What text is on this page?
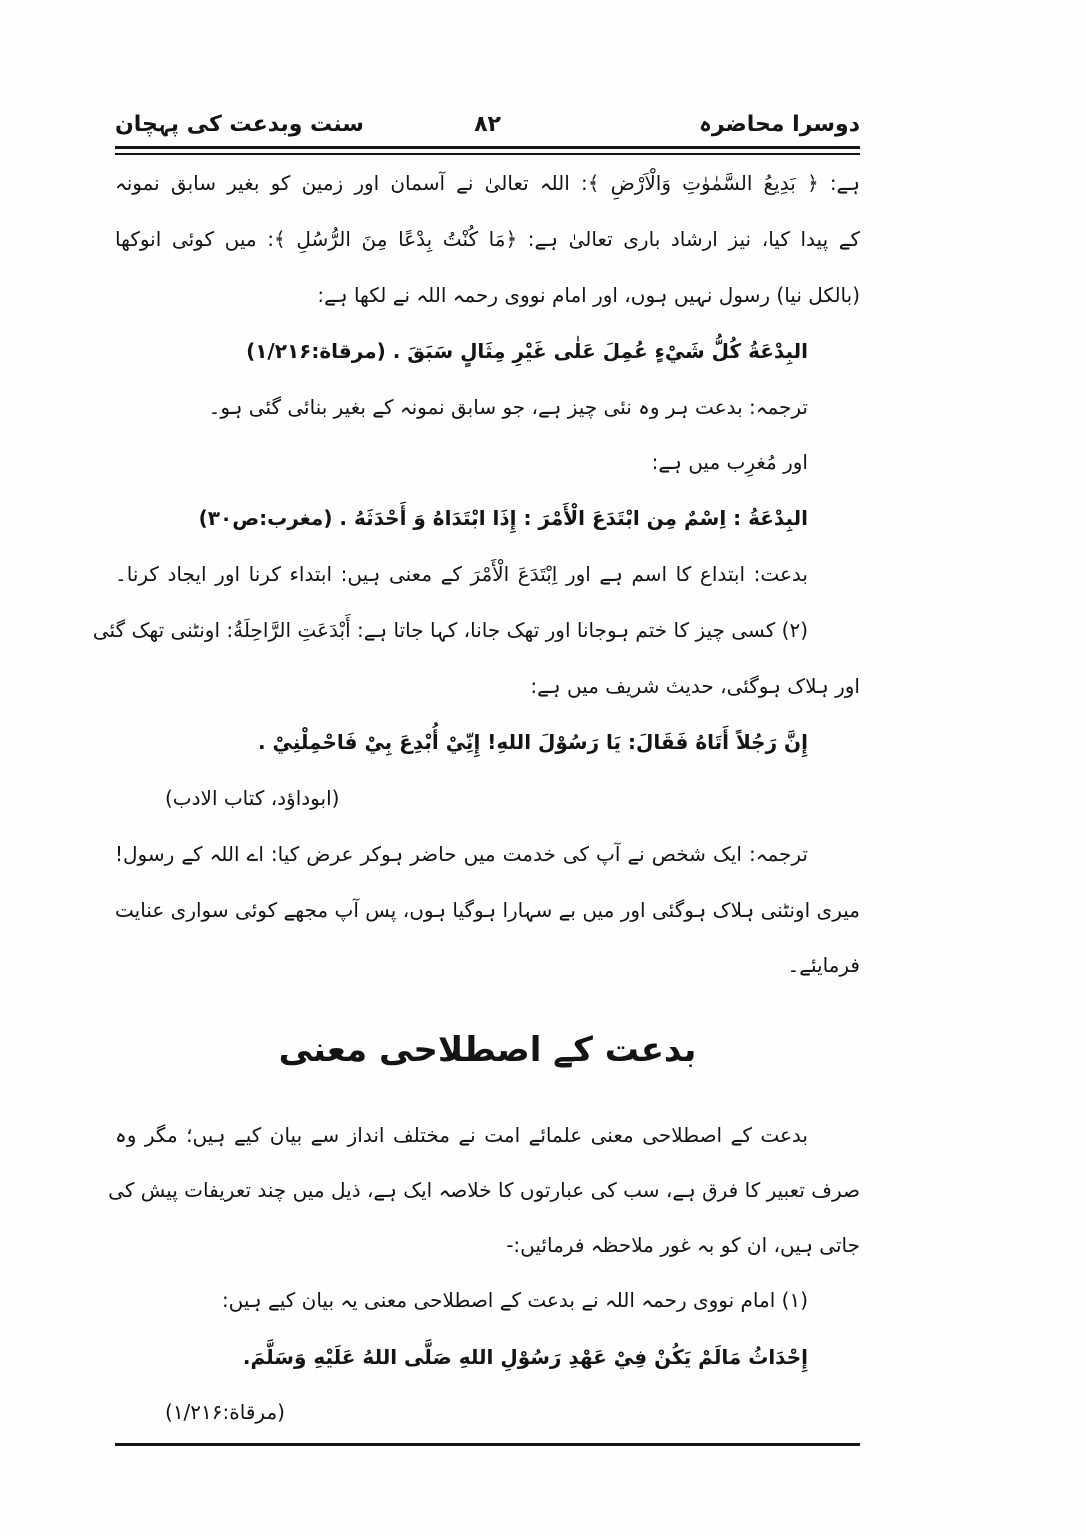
دوسرا محاضرہ
۸۲
سنت وبدعت کی پہچان
ہے: ﴿ بَدِيعُ السَّمٰوٰتِ وَالْاَرْضِ ﴾: اللہ تعالیٰ نے آسمان اور زمین کو بغیر سابق نمونہ
کے پیدا کیا، نیز ارشاد باری تعالیٰ ہے: ﴿مَا كُنْتُ بِدْعًا مِنَ الرُّسُلِ ﴾: میں کوئی انوکھا
(بالکل نیا) رسول نہیں ہوں، اور امام نووی رحمہ اللہ نے لکھا ہے:
البِدْعَةُ كُلُّ شَيْءٍ عُمِلَ عَلٰى غَيْرِ مِثَالٍ سَبَقَ . (مرقاة:۱/۲۱۶)
ترجمہ: بدعت ہر وہ نئی چیز ہے، جو سابق نمونہ کے بغیر بنائی گئی ہو۔
اور مُغرِب میں ہے:
البِدْعَةُ : اِسْمٌ مِن ابْتَدَعَ الْأَمْرَ : إِذَا ابْتَدَاهُ وَ أَحْدَثَهُ . (مغرب:ص۳۰)
بدعت: ابتداع کا اسم ہے اور اِبْتَدَعَ الْأَمْرَ کے معنی ہیں: ابتداء کرنا اور ایجاد کرنا۔
(۲) کسی چیز کا ختم ہوجانا اور تھک جانا، کہا جاتا ہے: أَبْدَعَتِ الرَّاحِلَةُ: اونٹنی تھک گئی
اور ہلاک ہوگئی، حدیث شریف میں ہے:
إِنَّ رَجُلاً أَتَاهُ فَقَالَ: يَا رَسُوْلَ اللهِ! إِنِّيْ أُبْدِعَ بِيْ فَاحْمِلْنِيْ .
(ابوداؤد، کتاب الادب)
ترجمہ: ایک شخص نے آپ کی خدمت میں حاضر ہوکر عرض کیا: اے اللہ کے رسول!
میری اونٹنی ہلاک ہوگئی اور میں بے سہارا ہوگیا ہوں، پس آپ مجھے کوئی سواری عنایت
فرمایئے۔
بدعت کے اصطلاحی معنی
بدعت کے اصطلاحی معنی علمائے امت نے مختلف انداز سے بیان کیے ہیں؛ مگر وہ
صرف تعبیر کا فرق ہے، سب کی عبارتوں کا خلاصہ ایک ہے، ذیل میں چند تعریفات پیش کی
جاتی ہیں، ان کو بہ غور ملاحظہ فرمائیں:-
(۱) امام نووی رحمہ اللہ نے بدعت کے اصطلاحی معنی یہ بیان کیے ہیں:
إِحْدَاثُ مَالَمْ يَكُنْ فِيْ عَهْدِ رَسُوْلِ اللهِ صَلَّى اللهُ عَلَيْهِ وَسَلَّمَ.
(مرقاة:۱/۲۱۶)
